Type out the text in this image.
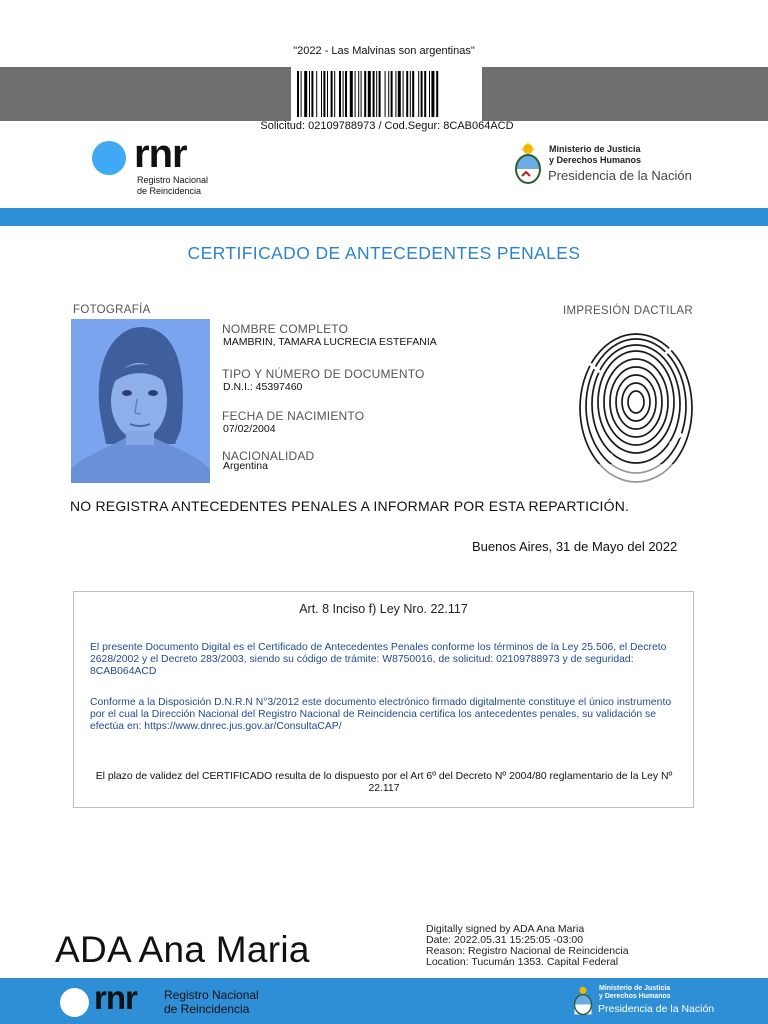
"2022 - Las Malvinas son argentinas"
Solicitud: 02109788973 / Cod.Segur: 8CAB064ACD
rnr
Registro Nacional
de Reincidencia
Ministerio de Justicia
y Derechos Humanos
Presidencia de la Nación
CERTIFICADO DE ANTECEDENTES PENALES
FOTOGRAFÍA	IMPRESIÓN DACTILAR
NOMBRE COMPLETO
MAMBRIN, TAMARA LUCRECIA ESTEFANIA
TIPO Y NÚMERO DE DOCUMENTO
D.N.I.: 45397460
FECHA DE NACIMIENTO
07/02/2004
NACIONALIDAD
Argentina
NO REGISTRA ANTECEDENTES PENALES A INFORMAR POR ESTA REPARTICIÓN.
Buenos Aires, 31 de Mayo del 2022
Art. 8 Inciso f) Ley Nro. 22.117
El presente Documento Digital es el Certificado de Antecedentes Penales conforme los términos de la Ley 25.506, el Decreto 2628/2002 y el Decreto 283/2003, siendo su código de trámite: W8750016, de solicitud: 02109788973 y de seguridad: 8CAB064ACD
Conforme a la Disposición D.N.R.N N°3/2012 este documento electrónico firmado digitalmente constituye el único instrumento por el cual la Dirección Nacional del Registro Nacional de Reincidencia certifica los antecedentes penales, su validación se efectúa en: https://www.dnrec.jus.gov.ar/ConsultaCAP/
El plazo de validez del CERTIFICADO resulta de lo dispuesto por el Art 6º del Decreto Nº 2004/80 reglamentario de la Ley Nº 22.117
ADA Ana Maria	Digitally signed by ADA Ana Maria
Date: 2022.05.31 15:25:05 -03:00
Reason: Registro Nacional de Reincidencia
Location: Tucumán 1353. Capital Federal
rnr Registro Nacional
de Reincidencia
Ministerio de Justicia
y Derechos Humanos
Presidencia de la Nación
